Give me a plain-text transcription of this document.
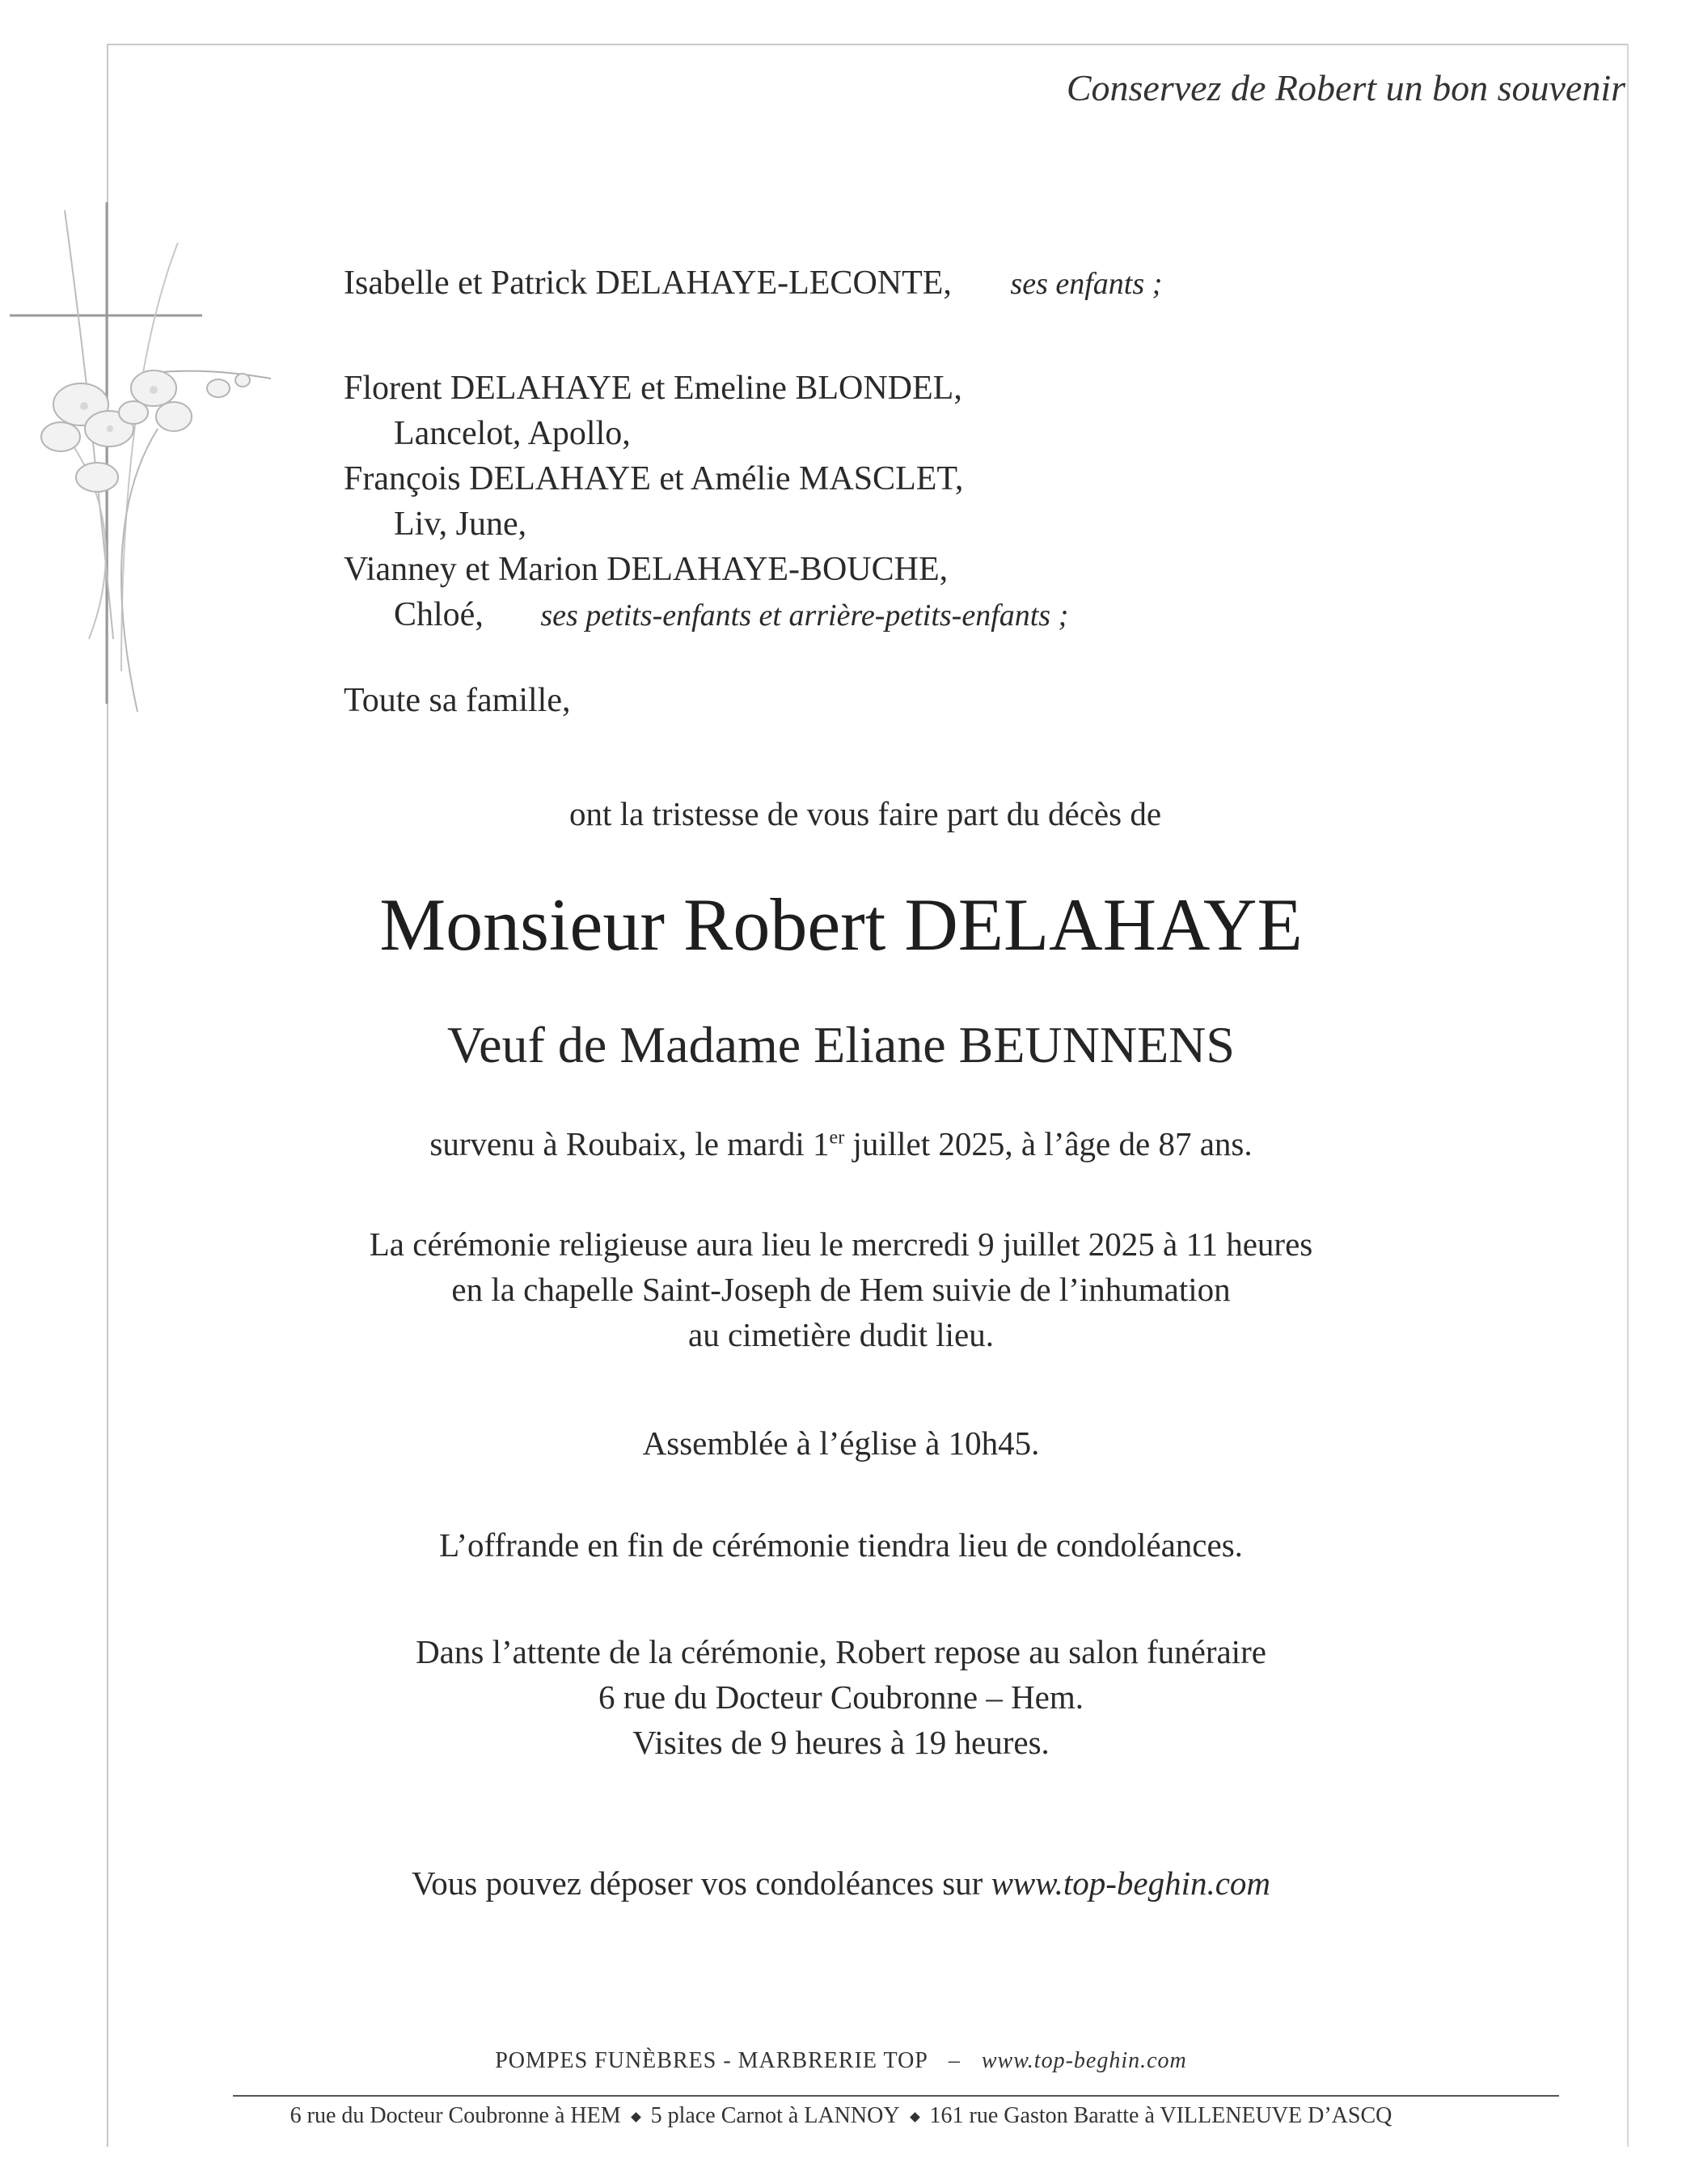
Conservez de Robert un bon souvenir
Isabelle et Patrick DELAHAYE-LECONTE, ses enfants ;
Florent DELAHAYE et Emeline BLONDEL,
Lancelot, Apollo,
François DELAHAYE et Amélie MASCLET,
Liv, June,
Vianney et Marion DELAHAYE-BOUCHE,
Chloé, ses petits-enfants et arrière-petits-enfants ;
Toute sa famille,
ont la tristesse de vous faire part du décès de
Monsieur Robert DELAHAYE
Veuf de Madame Eliane BEUNNENS
survenu à Roubaix, le mardi 1er juillet 2025, à l’âge de 87 ans.
La cérémonie religieuse aura lieu le mercredi 9 juillet 2025 à 11 heures
en la chapelle Saint-Joseph de Hem suivie de l’inhumation
au cimetière dudit lieu.
Assemblée à l’église à 10h45.
L’offrande en fin de cérémonie tiendra lieu de condoléances.
Dans l’attente de la cérémonie, Robert repose au salon funéraire
6 rue du Docteur Coubronne – Hem.
Visites de 9 heures à 19 heures.
Vous pouvez déposer vos condoléances sur www.top-beghin.com
POMPES FUNÈBRES - MARBRERIE TOP – www.top-beghin.com
6 rue du Docteur Coubronne à HEM 5 place Carnot à LANNOY 161 rue Gaston Baratte à VILLENEUVE D’ASCQ
